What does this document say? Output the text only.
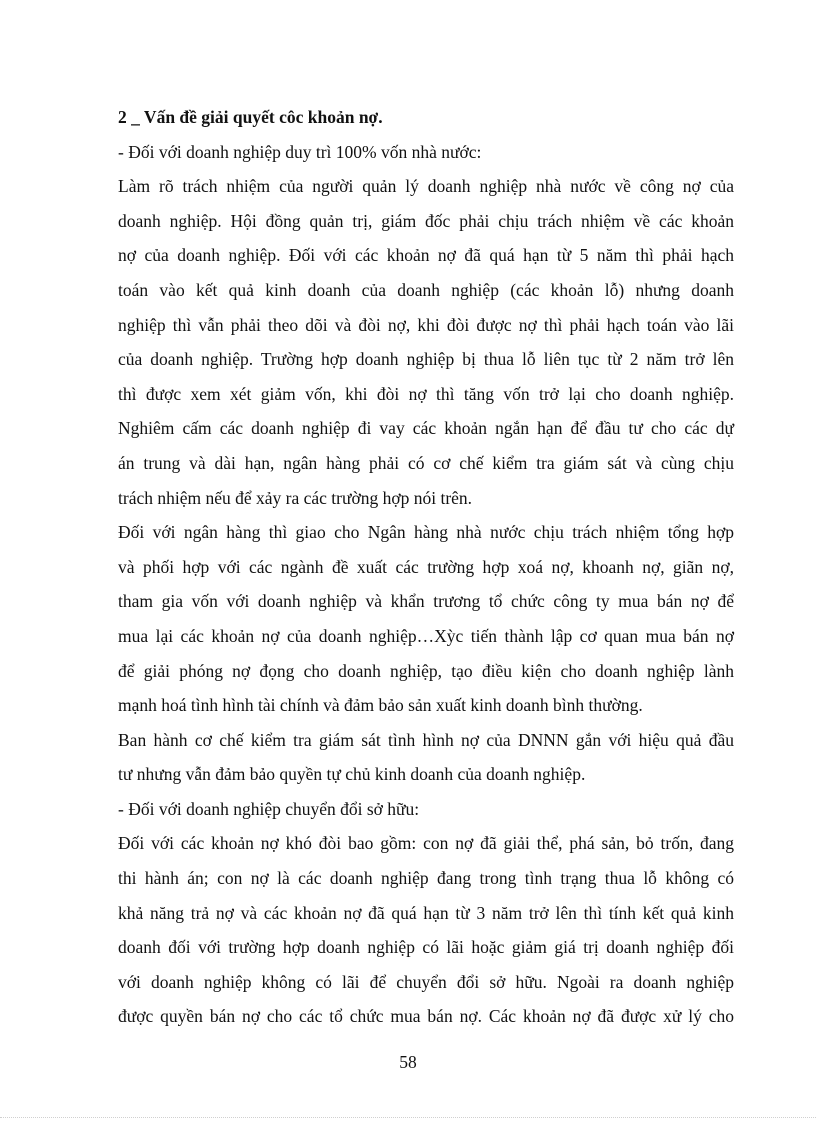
2 _ Vấn đề giải quyết côc khoản nợ.
- Đối với doanh nghiệp duy trì 100% vốn nhà nước:
Làm rõ trách nhiệm của người quản lý doanh nghiệp nhà nước về công nợ của
doanh nghiệp. Hội đồng quản trị, giám đốc phải chịu trách nhiệm về các khoản
nợ của doanh nghiệp. Đối với các khoản nợ đã quá hạn từ 5 năm thì phải hạch
toán vào kết quả kinh doanh của doanh nghiệp (các khoản lỗ) nhưng doanh
nghiệp thì vẫn phải theo dõi và đòi nợ, khi đòi được nợ thì phải hạch toán vào lãi
của doanh nghiệp. Trường hợp doanh nghiệp bị thua lỗ liên tục từ 2 năm trở lên
thì được xem xét giảm vốn, khi đòi nợ thì tăng vốn trở lại cho doanh nghiệp.
Nghiêm cấm các doanh nghiệp đi vay các khoản ngắn hạn để đầu tư cho các dự
án trung và dài hạn, ngân hàng phải có cơ chế kiểm tra giám sát và cùng chịu
trách nhiệm nếu để xảy ra các trường hợp nói trên.
Đối với ngân hàng thì giao cho Ngân hàng nhà nước chịu trách nhiệm tổng hợp
và phối hợp với các ngành đề xuất các trường hợp xoá nợ, khoanh nợ, giãn nợ,
tham gia vốn với doanh nghiệp và khẩn trương tổ chức công ty mua bán nợ để
mua lại các khoản nợ của doanh nghiệp…Xỳc tiến thành lập cơ quan mua bán nợ
để giải phóng nợ đọng cho doanh nghiệp, tạo điều kiện cho doanh nghiệp lành
mạnh hoá tình hình tài chính và đảm bảo sản xuất kinh doanh bình thường.
Ban hành cơ chế kiểm tra giám sát tình hình nợ của DNNN gắn với hiệu quả đầu
tư nhưng vẫn đảm bảo quyền tự chủ kinh doanh của doanh nghiệp.
- Đối với doanh nghiệp chuyển đổi sở hữu:
Đối với các khoản nợ khó đòi bao gồm: con nợ đã giải thể, phá sản, bỏ trốn, đang
thi hành án; con nợ là các doanh nghiệp đang trong tình trạng thua lỗ không có
khả năng trả nợ và các khoản nợ đã quá hạn từ 3 năm trở lên thì tính kết quả kinh
doanh đối với trường hợp doanh nghiệp có lãi hoặc giảm giá trị doanh nghiệp đối
với doanh nghiệp không có lãi để chuyển đổi sở hữu. Ngoài ra doanh nghiệp
được quyền bán nợ cho các tổ chức mua bán nợ. Các khoản nợ đã được xử lý cho
58
